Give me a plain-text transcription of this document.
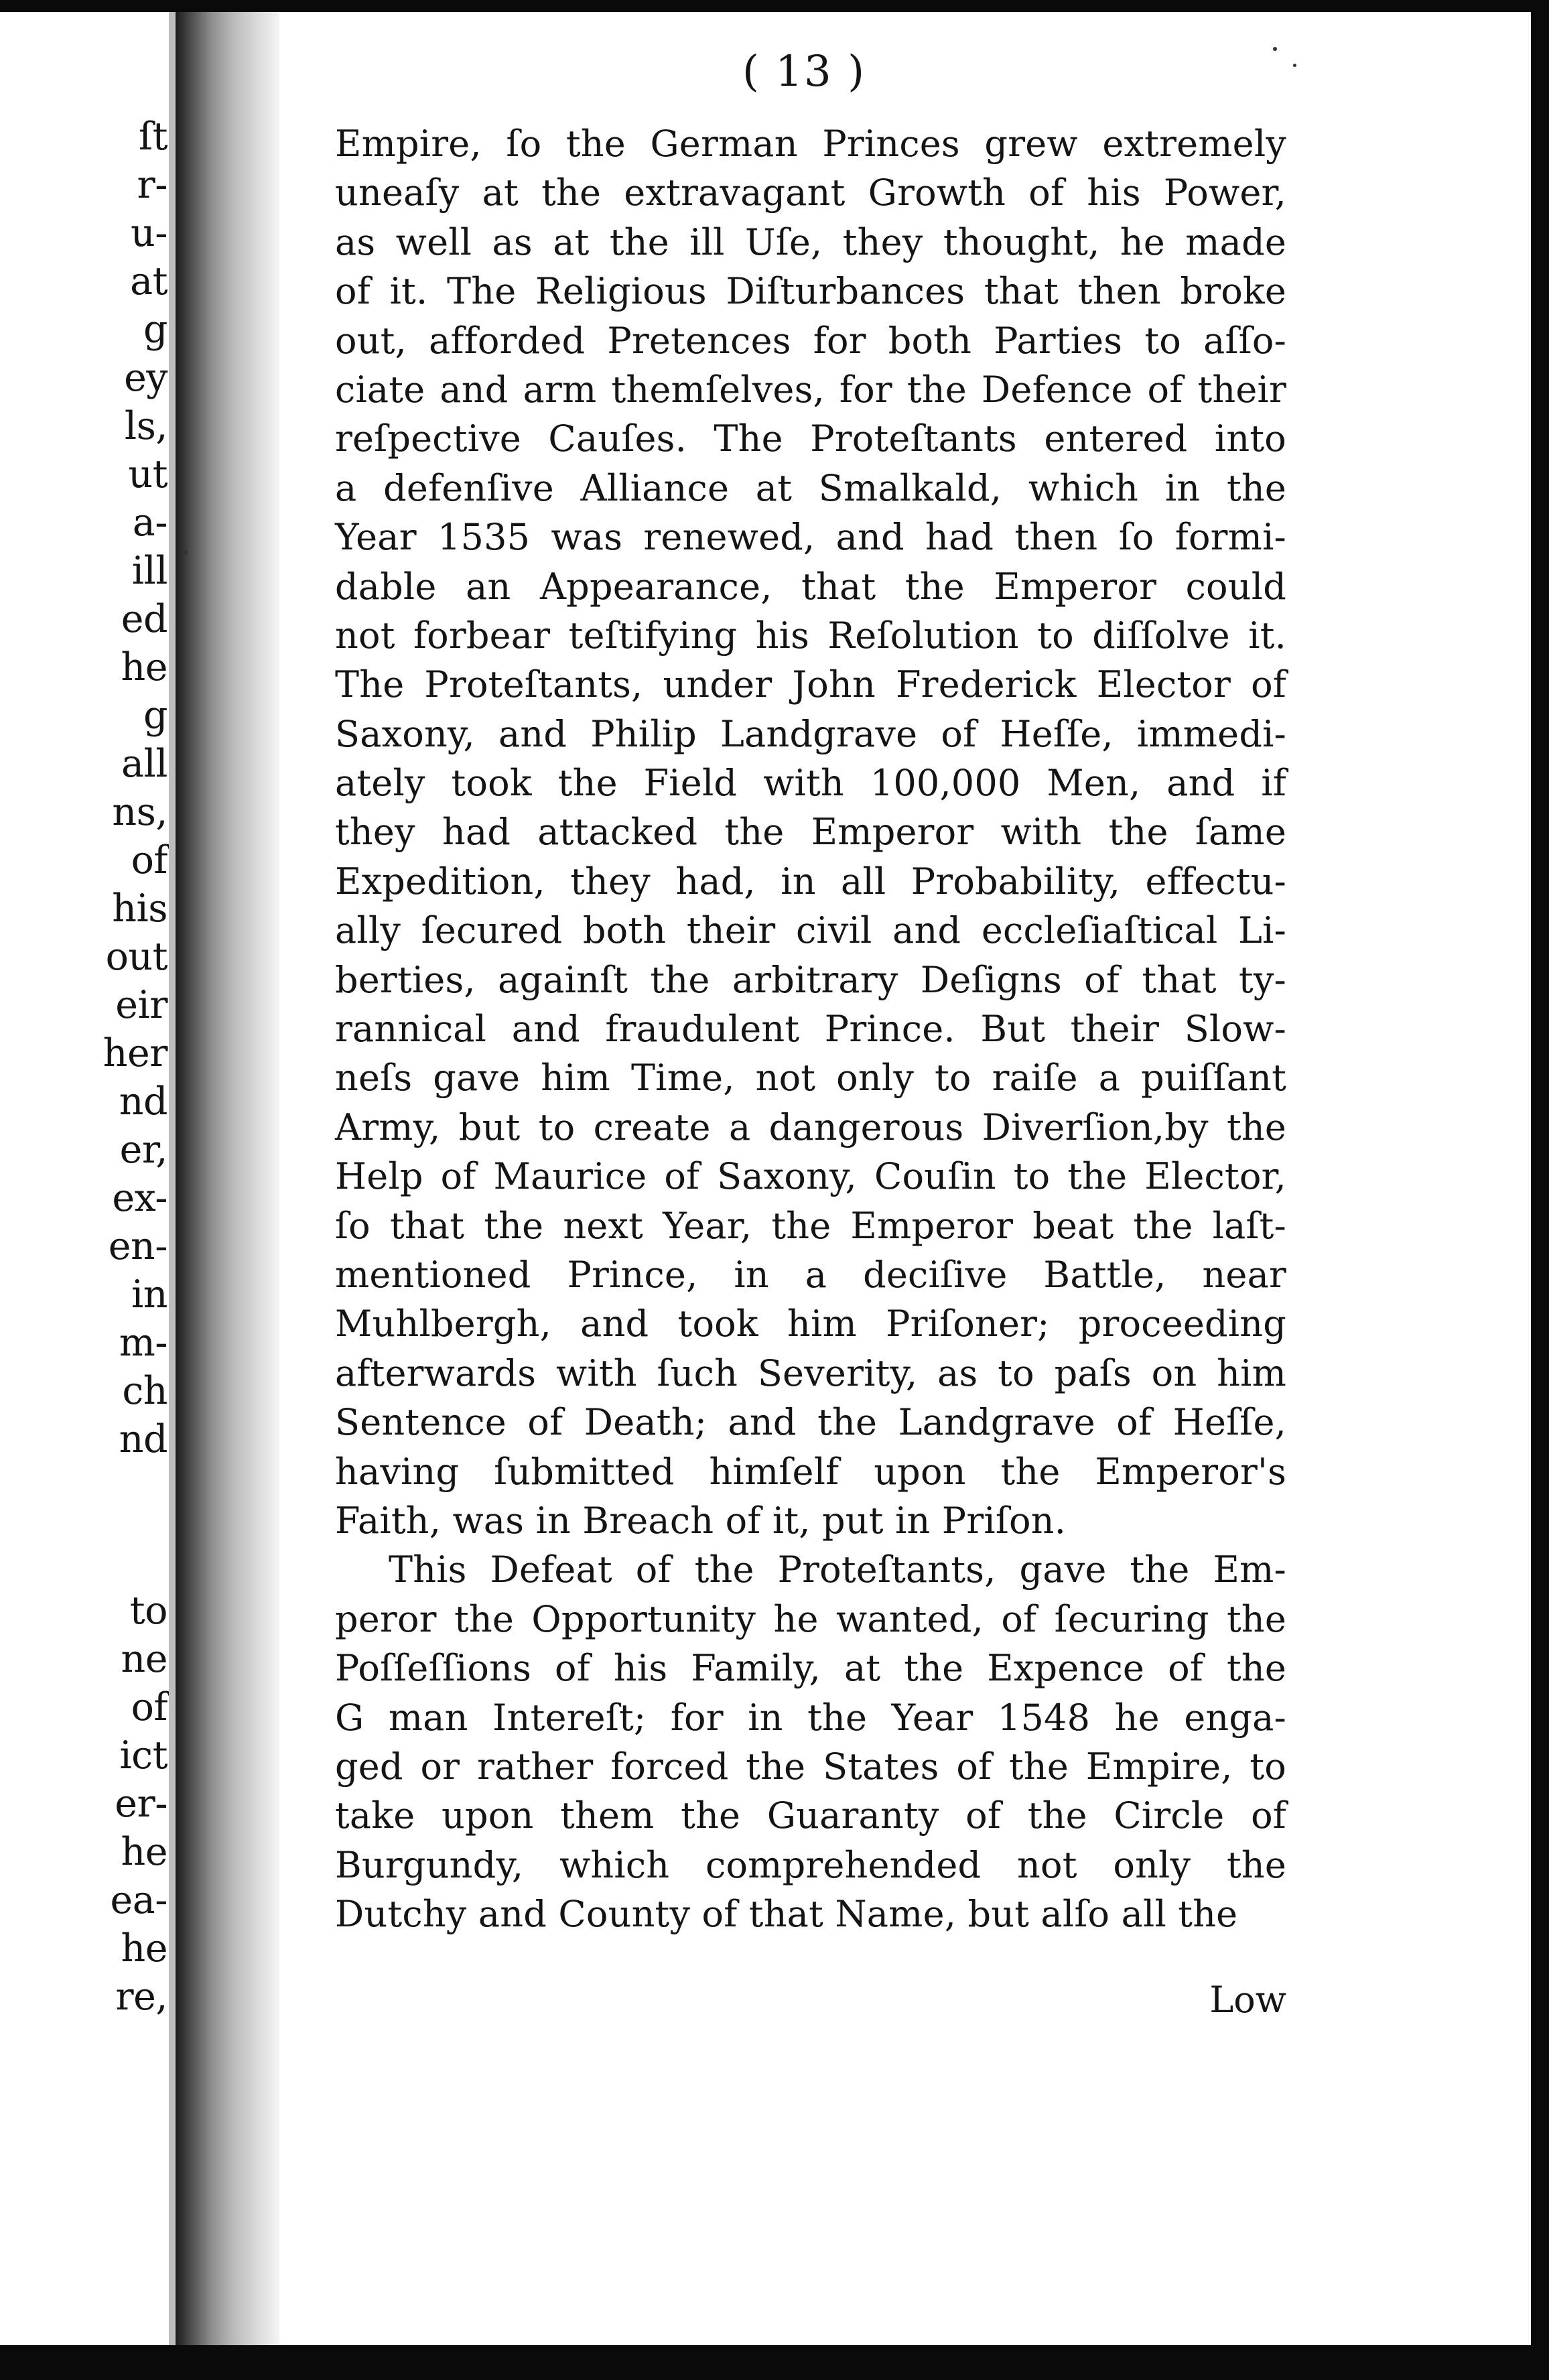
ſt
r-
u-
at
g
ey
ls,
ut
a-
ill
ed
he
g
all
ns,
of
his
out
eir
her
nd
er,
ex-
en-
in
m-
ch
nd
to
ne
of
ict
er-
he
ea-
he
re,
( 13 )
Empire, ſo the German Princes grew extremely
uneaſy at the extravagant Growth of his Power,
as well as at the ill Uſe, they thought, he made
of it. The Religious Diſturbances that then broke
out, afforded Pretences for both Parties to aſſo-
ciate and arm themſelves, for the Defence of their
reſpective Cauſes. The Proteſtants entered into
a defenſive Alliance at Smalkald, which in the
Year 1535 was renewed, and had then ſo formi-
dable an Appearance, that the Emperor could
not forbear teſtifying his Reſolution to diſſolve it.
The Proteſtants, under John Frederick Elector of
Saxony, and Philip Landgrave of Heſſe, immedi-
ately took the Field with 100,000 Men, and if
they had attacked the Emperor with the ſame
Expedition, they had, in all Probability, effectu-
ally ſecured both their civil and eccleſiaſtical Li-
berties, againſt the arbitrary Deſigns of that ty-
rannical and fraudulent Prince. But their Slow-
neſs gave him Time, not only to raiſe a puiſſant
Army, but to create a dangerous Diverſion,by the
Help of Maurice of Saxony, Couſin to the Elector,
ſo that the next Year, the Emperor beat the laſt-
mentioned Prince, in a deciſive Battle, near
Muhlbergh, and took him Priſoner; proceeding
afterwards with ſuch Severity, as to paſs on him
Sentence of Death; and the Landgrave of Heſſe,
having ſubmitted himſelf upon the Emperor's
Faith, was in Breach of it, put in Priſon.
This Defeat of the Proteſtants, gave the Em-
peror the Opportunity he wanted, of ſecuring the
Poſſeſſions of his Family, at the Expence of the
G man Intereſt; for in the Year 1548 he enga-
ged or rather forced the States of the Empire, to
take upon them the Guaranty of the Circle of
Burgundy, which comprehended not only the
Dutchy and County of that Name, but alſo all the
Low
